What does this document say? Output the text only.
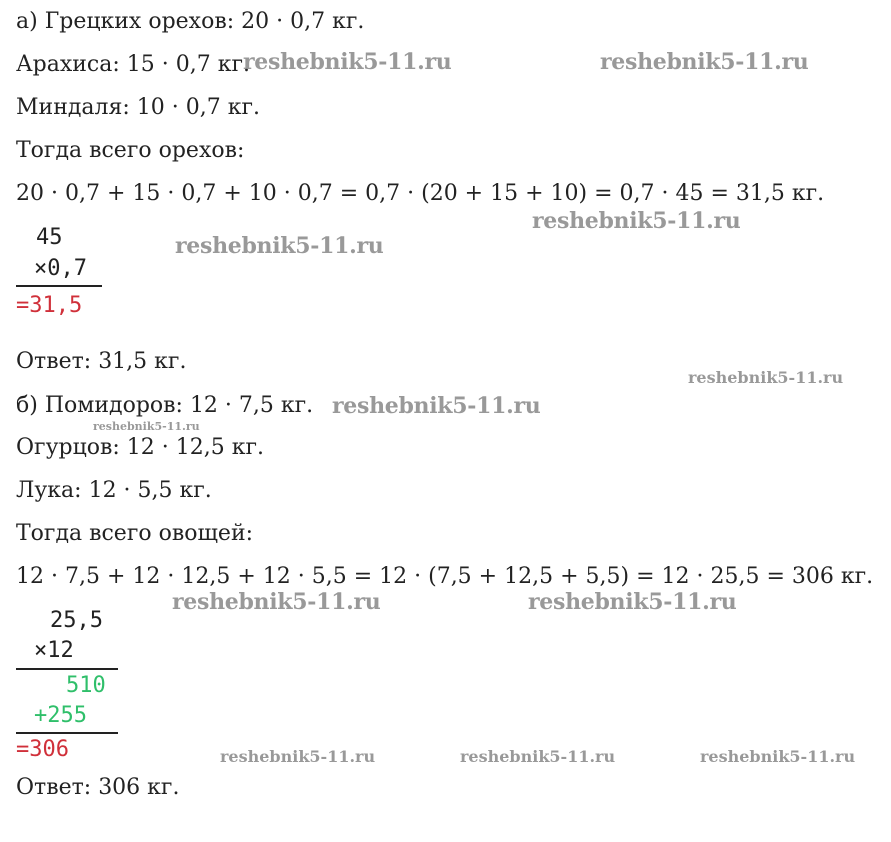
а) Грецких орехов: 20 · 0,7 кг.
Арахиса: 15 · 0,7 кг.
Миндаля: 10 · 0,7 кг.
Тогда всего орехов:
20 · 0,7 + 15 · 0,7 + 10 · 0,7 = 0,7 · (20 + 15 + 10) = 0,7 · 45 = 31,5 кг.
45
×0,7
=31,5
Ответ: 31,5 кг.
б) Помидоров: 12 · 7,5 кг.
Огурцов: 12 · 12,5 кг.
Лука: 12 · 5,5 кг.
Тогда всего овощей:
12 · 7,5 + 12 · 12,5 + 12 · 5,5 = 12 · (7,5 + 12,5 + 5,5) = 12 · 25,5 = 306 кг.
25,5
×12
510
+255
=306
Ответ: 306 кг.
reshebnik5-11.ru	reshebnik5-11.ru
reshebnik5-11.ru
reshebnik5-11.ru
reshebnik5-11.ru
reshebnik5-11.ru
reshebnik5-11.ru
reshebnik5-11.ru	reshebnik5-11.ru
reshebnik5-11.ru	reshebnik5-11.ru	reshebnik5-11.ru
